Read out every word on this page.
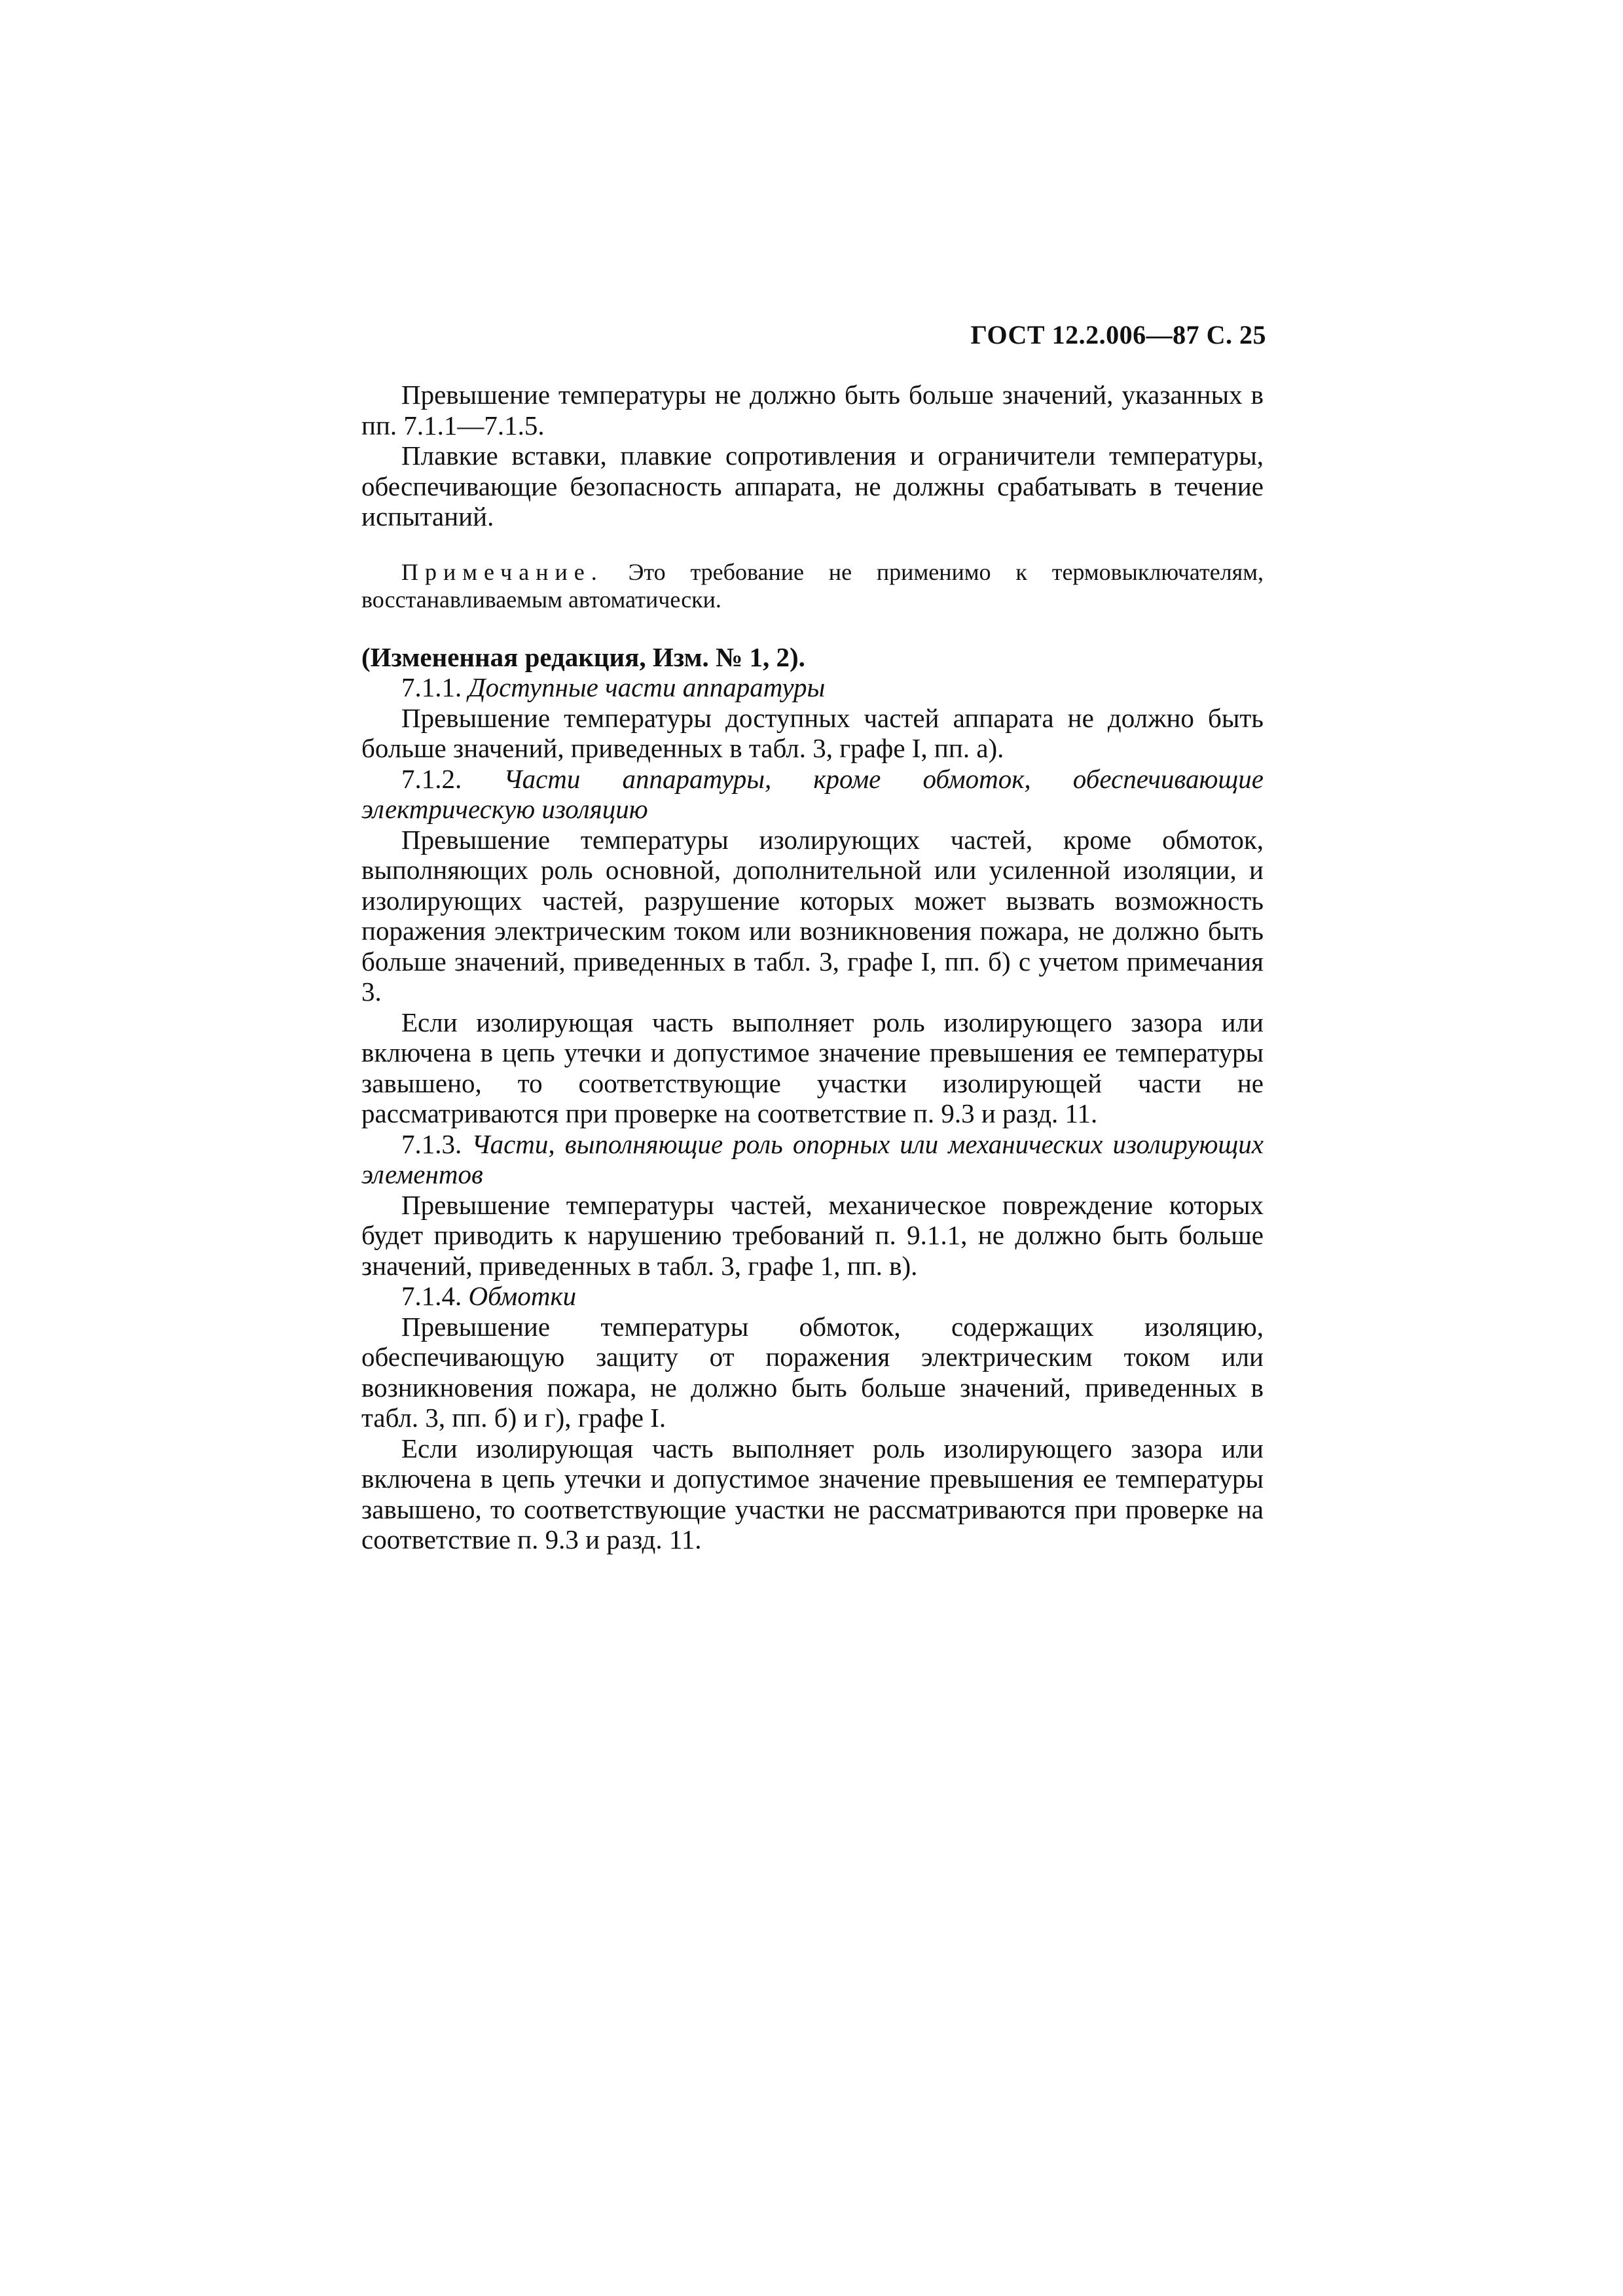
ГОСТ 12.2.006—87 С. 25

Превышение температуры не должно быть больше значений, указанных в пп. 7.1.1—7.1.5.

Плавкие вставки, плавкие сопротивления и ограничители температуры, обеспечивающие безопасность аппарата, не должны срабатывать в течение испытаний.

Примечание. Это требование не применимо к термовыключателям, восстанавливаемым автоматически.

(Измененная редакция, Изм. № 1, 2).

7.1.1. Доступные части аппаратуры

Превышение температуры доступных частей аппарата не должно быть больше значений, приведенных в табл. 3, графе I, пп. а).

7.1.2. Части аппаратуры, кроме обмоток, обеспечивающие электрическую изоляцию

Превышение температуры изолирующих частей, кроме обмоток, выполняющих роль основной, дополнительной или усиленной изоляции, и изолирующих частей, разрушение которых может вызвать возможность поражения электрическим током или возникновения пожара, не должно быть больше значений, приведенных в табл. 3, графе I, пп. б) с учетом примечания 3.

Если изолирующая часть выполняет роль изолирующего зазора или включена в цепь утечки и допустимое значение превышения ее температуры завышено, то соответствующие участки изолирующей части не рассматриваются при проверке на соответствие п. 9.3 и разд. 11.

7.1.3. Части, выполняющие роль опорных или механических изолирующих элементов

Превышение температуры частей, механическое повреждение которых будет приводить к нарушению требований п. 9.1.1, не должно быть больше значений, приведенных в табл. 3, графе 1, пп. в).

7.1.4. Обмотки

Превышение температуры обмоток, содержащих изоляцию, обеспечивающую защиту от поражения электрическим током или возникновения пожара, не должно быть больше значений, приведенных в табл. 3, пп. б) и г), графе I.

Если изолирующая часть выполняет роль изолирующего зазора или включена в цепь утечки и допустимое значение превышения ее температуры завышено, то соответствующие участки не рассматриваются при проверке на соответствие п. 9.3 и разд. 11.
